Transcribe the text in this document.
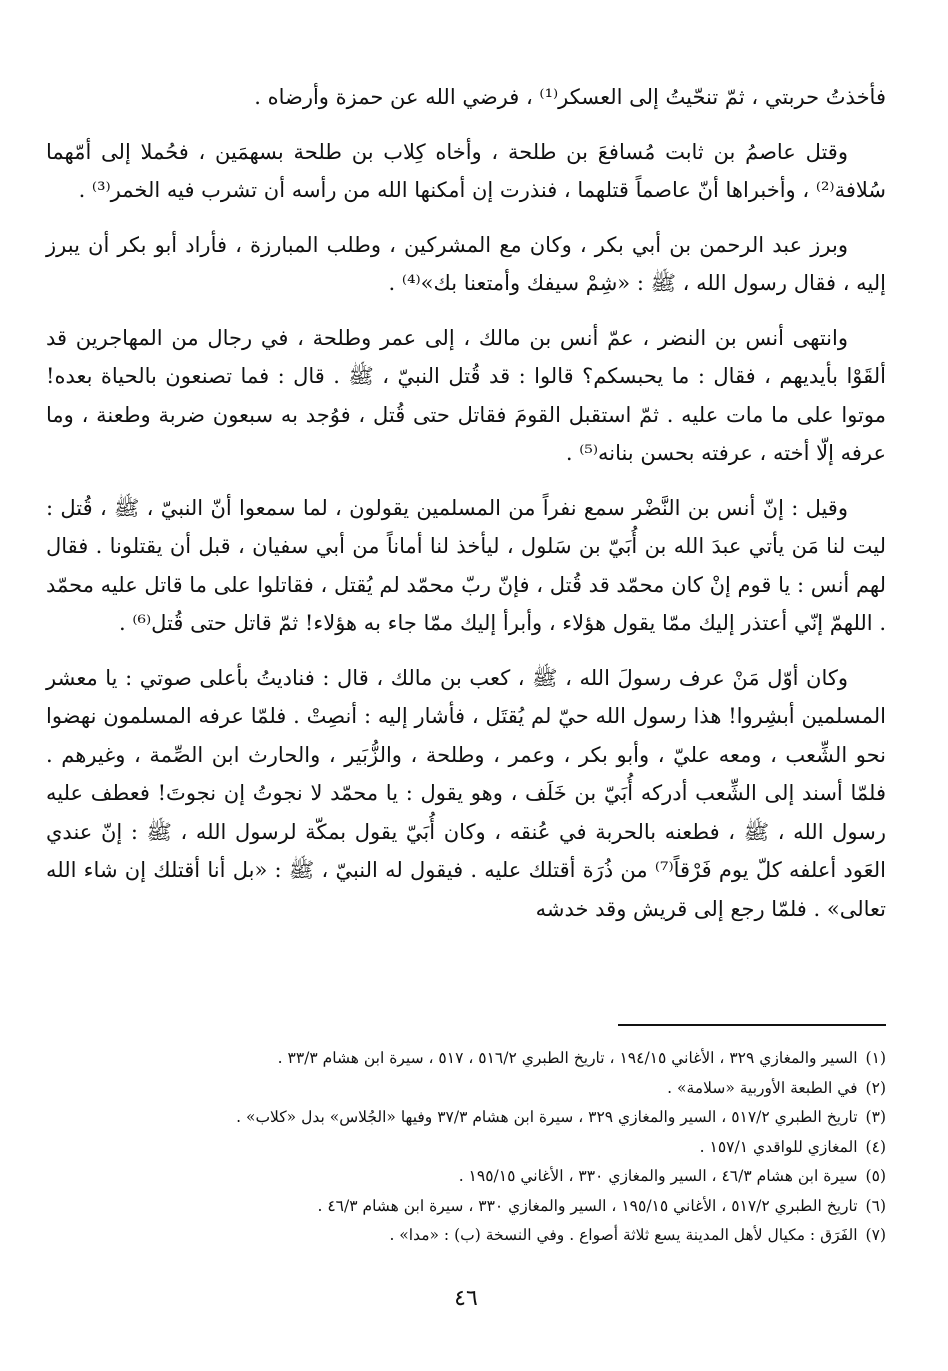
فأخذتُ حربتي ، ثمّ تنحّيتُ إلى العسكر⁽¹⁾ ، فرضي الله عن حمزة وأرضاه .

وقتل عاصمُ بن ثابت مُسافعَ بن طلحة ، وأخاه كِلاب بن طلحة بسهمَين ، فحُملا إلى أمّهما سُلافة⁽²⁾ ، وأخبراها أنّ عاصماً قتلهما ، فنذرت إن أمكنها الله من رأسه أن تشرب فيه الخمر⁽³⁾ .

وبرز عبد الرحمن بن أبي بكر ، وكان مع المشركين ، وطلب المبارزة ، فأراد أبو بكر أن يبرز إليه ، فقال رسول الله ، ﷺ : «شِمْ سيفك وأمتعنا بك»⁽⁴⁾ .

وانتهى أنس بن النضر ، عمّ أنس بن مالك ، إلى عمر وطلحة ، في رجال من المهاجرين قد ألقَوْا بأيديهم ، فقال : ما يحبسكم؟ قالوا : قد قُتل النبيّ ، ﷺ . قال : فما تصنعون بالحياة بعده! موتوا على ما مات عليه . ثمّ استقبل القومَ فقاتل حتى قُتل ، فوُجد به سبعون ضربة وطعنة ، وما عرفه إلّا أخته ، عرفته بحسن بنانه⁽⁵⁾ .

وقيل : إنّ أنس بن النَّضْر سمع نفراً من المسلمين يقولون ، لما سمعوا أنّ النبيّ ، ﷺ ، قُتل : ليت لنا مَن يأتي عبدَ الله بن أُبَيّ بن سَلول ، ليأخذ لنا أماناً من أبي سفيان ، قبل أن يقتلونا . فقال لهم أنس : يا قوم إنْ كان محمّد قد قُتل ، فإنّ ربّ محمّد لم يُقتل ، فقاتلوا على ما قاتل عليه محمّد . اللهمّ إنّي أعتذر إليك ممّا يقول هؤلاء ، وأبرأ إليك ممّا جاء به هؤلاء! ثمّ قاتل حتى قُتل⁽⁶⁾ .

وكان أوّل مَنْ عرف رسولَ الله ، ﷺ ، كعب بن مالك ، قال : فناديتُ بأعلى صوتي : يا معشر المسلمين أبشِروا! هذا رسول الله حيّ لم يُقتَل ، فأشار إليه : أنصِتْ . فلمّا عرفه المسلمون نهضوا نحو الشِّعب ، ومعه عليّ ، وأبو بكر ، وعمر ، وطلحة ، والزُّبَير ، والحارث ابن الصِّمة ، وغيرهم . فلمّا أسند إلى الشِّعب أدركه أُبَيّ بن خَلَف ، وهو يقول : يا محمّد لا نجوتُ إن نجوتَ! فعطف عليه رسول الله ، ﷺ ، فطعنه بالحربة في عُنقه ، وكان أُبَيّ يقول بمكّة لرسول الله ، ﷺ : إنّ عندي العَود أعلفه كلّ يوم فَرْقاً⁽⁷⁾ من ذُرَة أقتلك عليه . فيقول له النبيّ ، ﷺ : «بل أنا أقتلك إن شاء الله تعالى» . فلمّا رجع إلى قريش وقد خدشه

(١)السير والمغازي ٣٢٩ ، الأغاني ١٩٤/١٥ ، تاريخ الطبري ٥١٦/٢ ، ٥١٧ ، سيرة ابن هشام ٣٣/٣ .
(٢)في الطبعة الأوربية «سلامة» .
(٣)تاريخ الطبري ٥١٧/٢ ، السير والمغازي ٣٢٩ ، سيرة ابن هشام ٣٧/٣ وفيها «الجُلاس» بدل «كلاب» .
(٤)المغازي للواقدي ١٥٧/١ .
(٥)سيرة ابن هشام ٤٦/٣ ، السير والمغازي ٣٣٠ ، الأغاني ١٩٥/١٥ .
(٦)تاريخ الطبري ٥١٧/٢ ، الأغاني ١٩٥/١٥ ، السير والمغازي ٣٣٠ ، سيرة ابن هشام ٤٦/٣ .
(٧)الفَرَق : مكيال لأهل المدينة يسع ثلاثة أصواع . وفي النسخة (ب) : «مدا» .
٤٦
